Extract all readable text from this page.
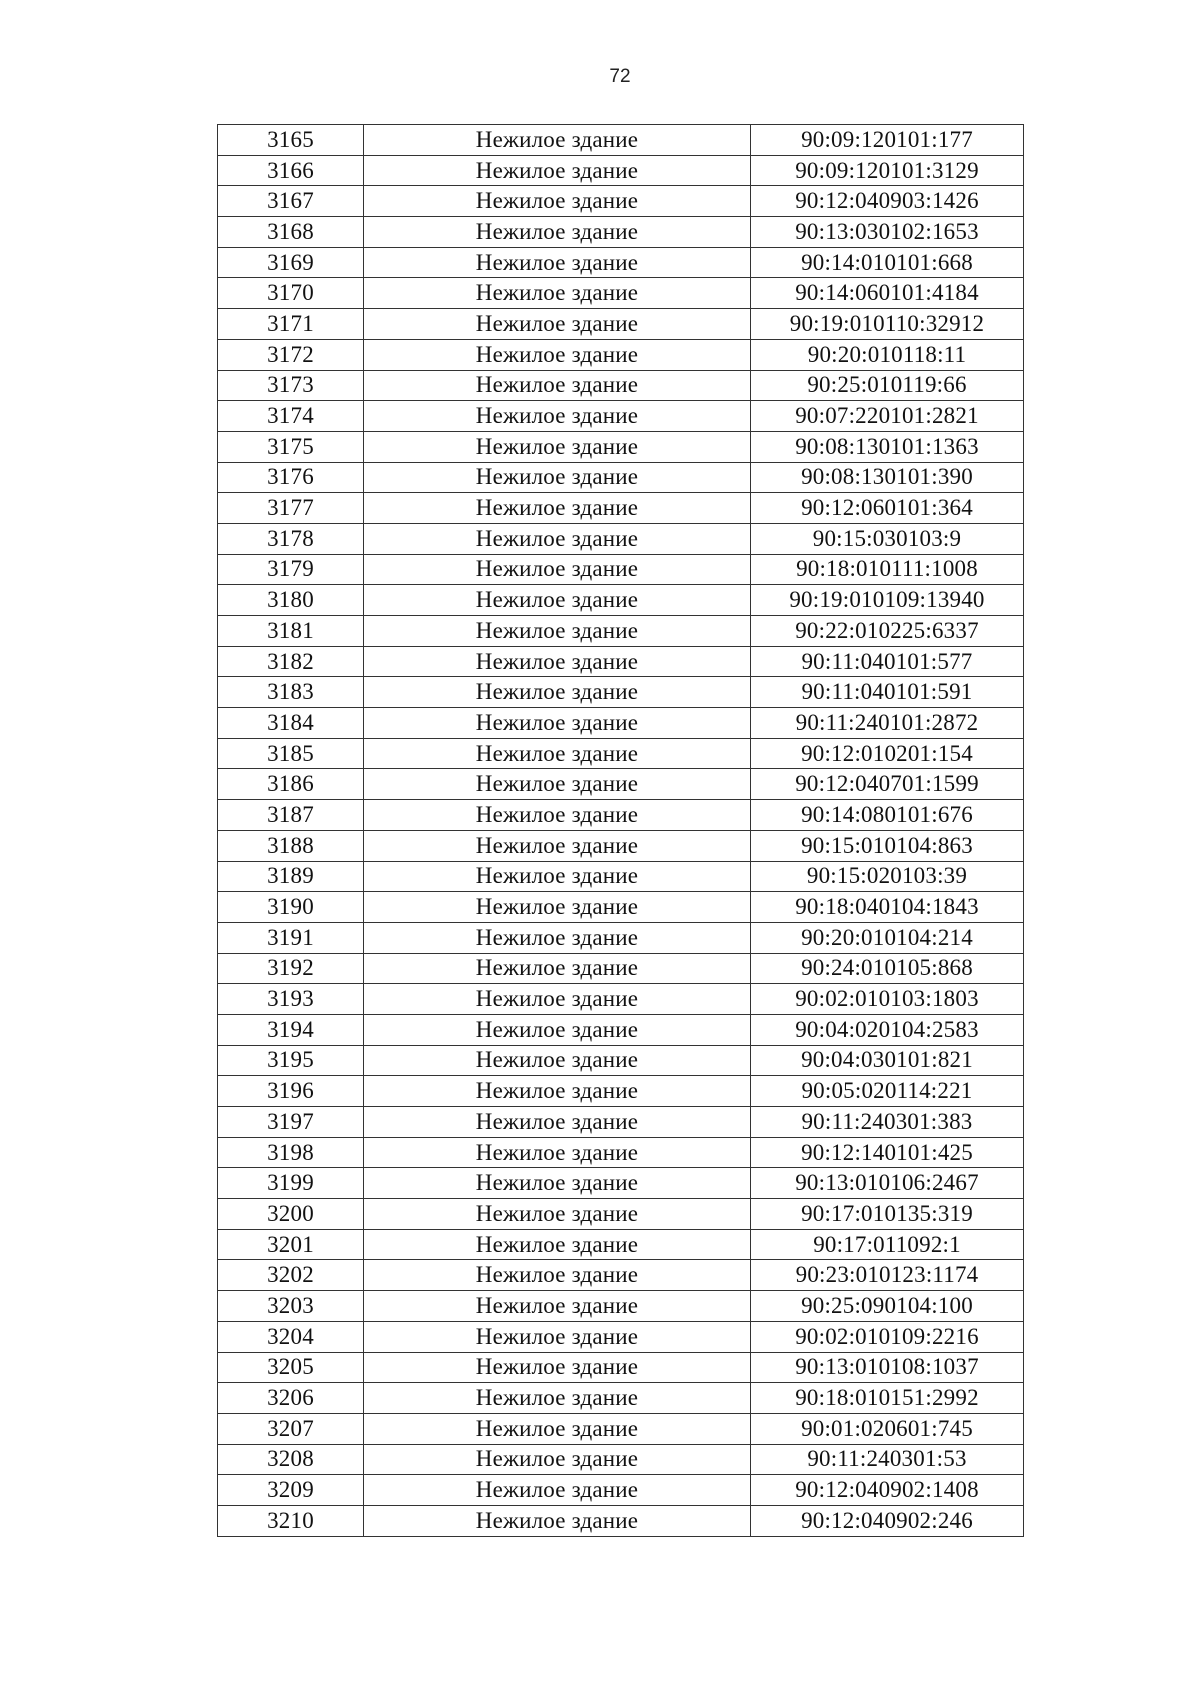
72
3165	Нежилое здание	90:09:120101:177
3166	Нежилое здание	90:09:120101:3129
3167	Нежилое здание	90:12:040903:1426
3168	Нежилое здание	90:13:030102:1653
3169	Нежилое здание	90:14:010101:668
3170	Нежилое здание	90:14:060101:4184
3171	Нежилое здание	90:19:010110:32912
3172	Нежилое здание	90:20:010118:11
3173	Нежилое здание	90:25:010119:66
3174	Нежилое здание	90:07:220101:2821
3175	Нежилое здание	90:08:130101:1363
3176	Нежилое здание	90:08:130101:390
3177	Нежилое здание	90:12:060101:364
3178	Нежилое здание	90:15:030103:9
3179	Нежилое здание	90:18:010111:1008
3180	Нежилое здание	90:19:010109:13940
3181	Нежилое здание	90:22:010225:6337
3182	Нежилое здание	90:11:040101:577
3183	Нежилое здание	90:11:040101:591
3184	Нежилое здание	90:11:240101:2872
3185	Нежилое здание	90:12:010201:154
3186	Нежилое здание	90:12:040701:1599
3187	Нежилое здание	90:14:080101:676
3188	Нежилое здание	90:15:010104:863
3189	Нежилое здание	90:15:020103:39
3190	Нежилое здание	90:18:040104:1843
3191	Нежилое здание	90:20:010104:214
3192	Нежилое здание	90:24:010105:868
3193	Нежилое здание	90:02:010103:1803
3194	Нежилое здание	90:04:020104:2583
3195	Нежилое здание	90:04:030101:821
3196	Нежилое здание	90:05:020114:221
3197	Нежилое здание	90:11:240301:383
3198	Нежилое здание	90:12:140101:425
3199	Нежилое здание	90:13:010106:2467
3200	Нежилое здание	90:17:010135:319
3201	Нежилое здание	90:17:011092:1
3202	Нежилое здание	90:23:010123:1174
3203	Нежилое здание	90:25:090104:100
3204	Нежилое здание	90:02:010109:2216
3205	Нежилое здание	90:13:010108:1037
3206	Нежилое здание	90:18:010151:2992
3207	Нежилое здание	90:01:020601:745
3208	Нежилое здание	90:11:240301:53
3209	Нежилое здание	90:12:040902:1408
3210	Нежилое здание	90:12:040902:246
